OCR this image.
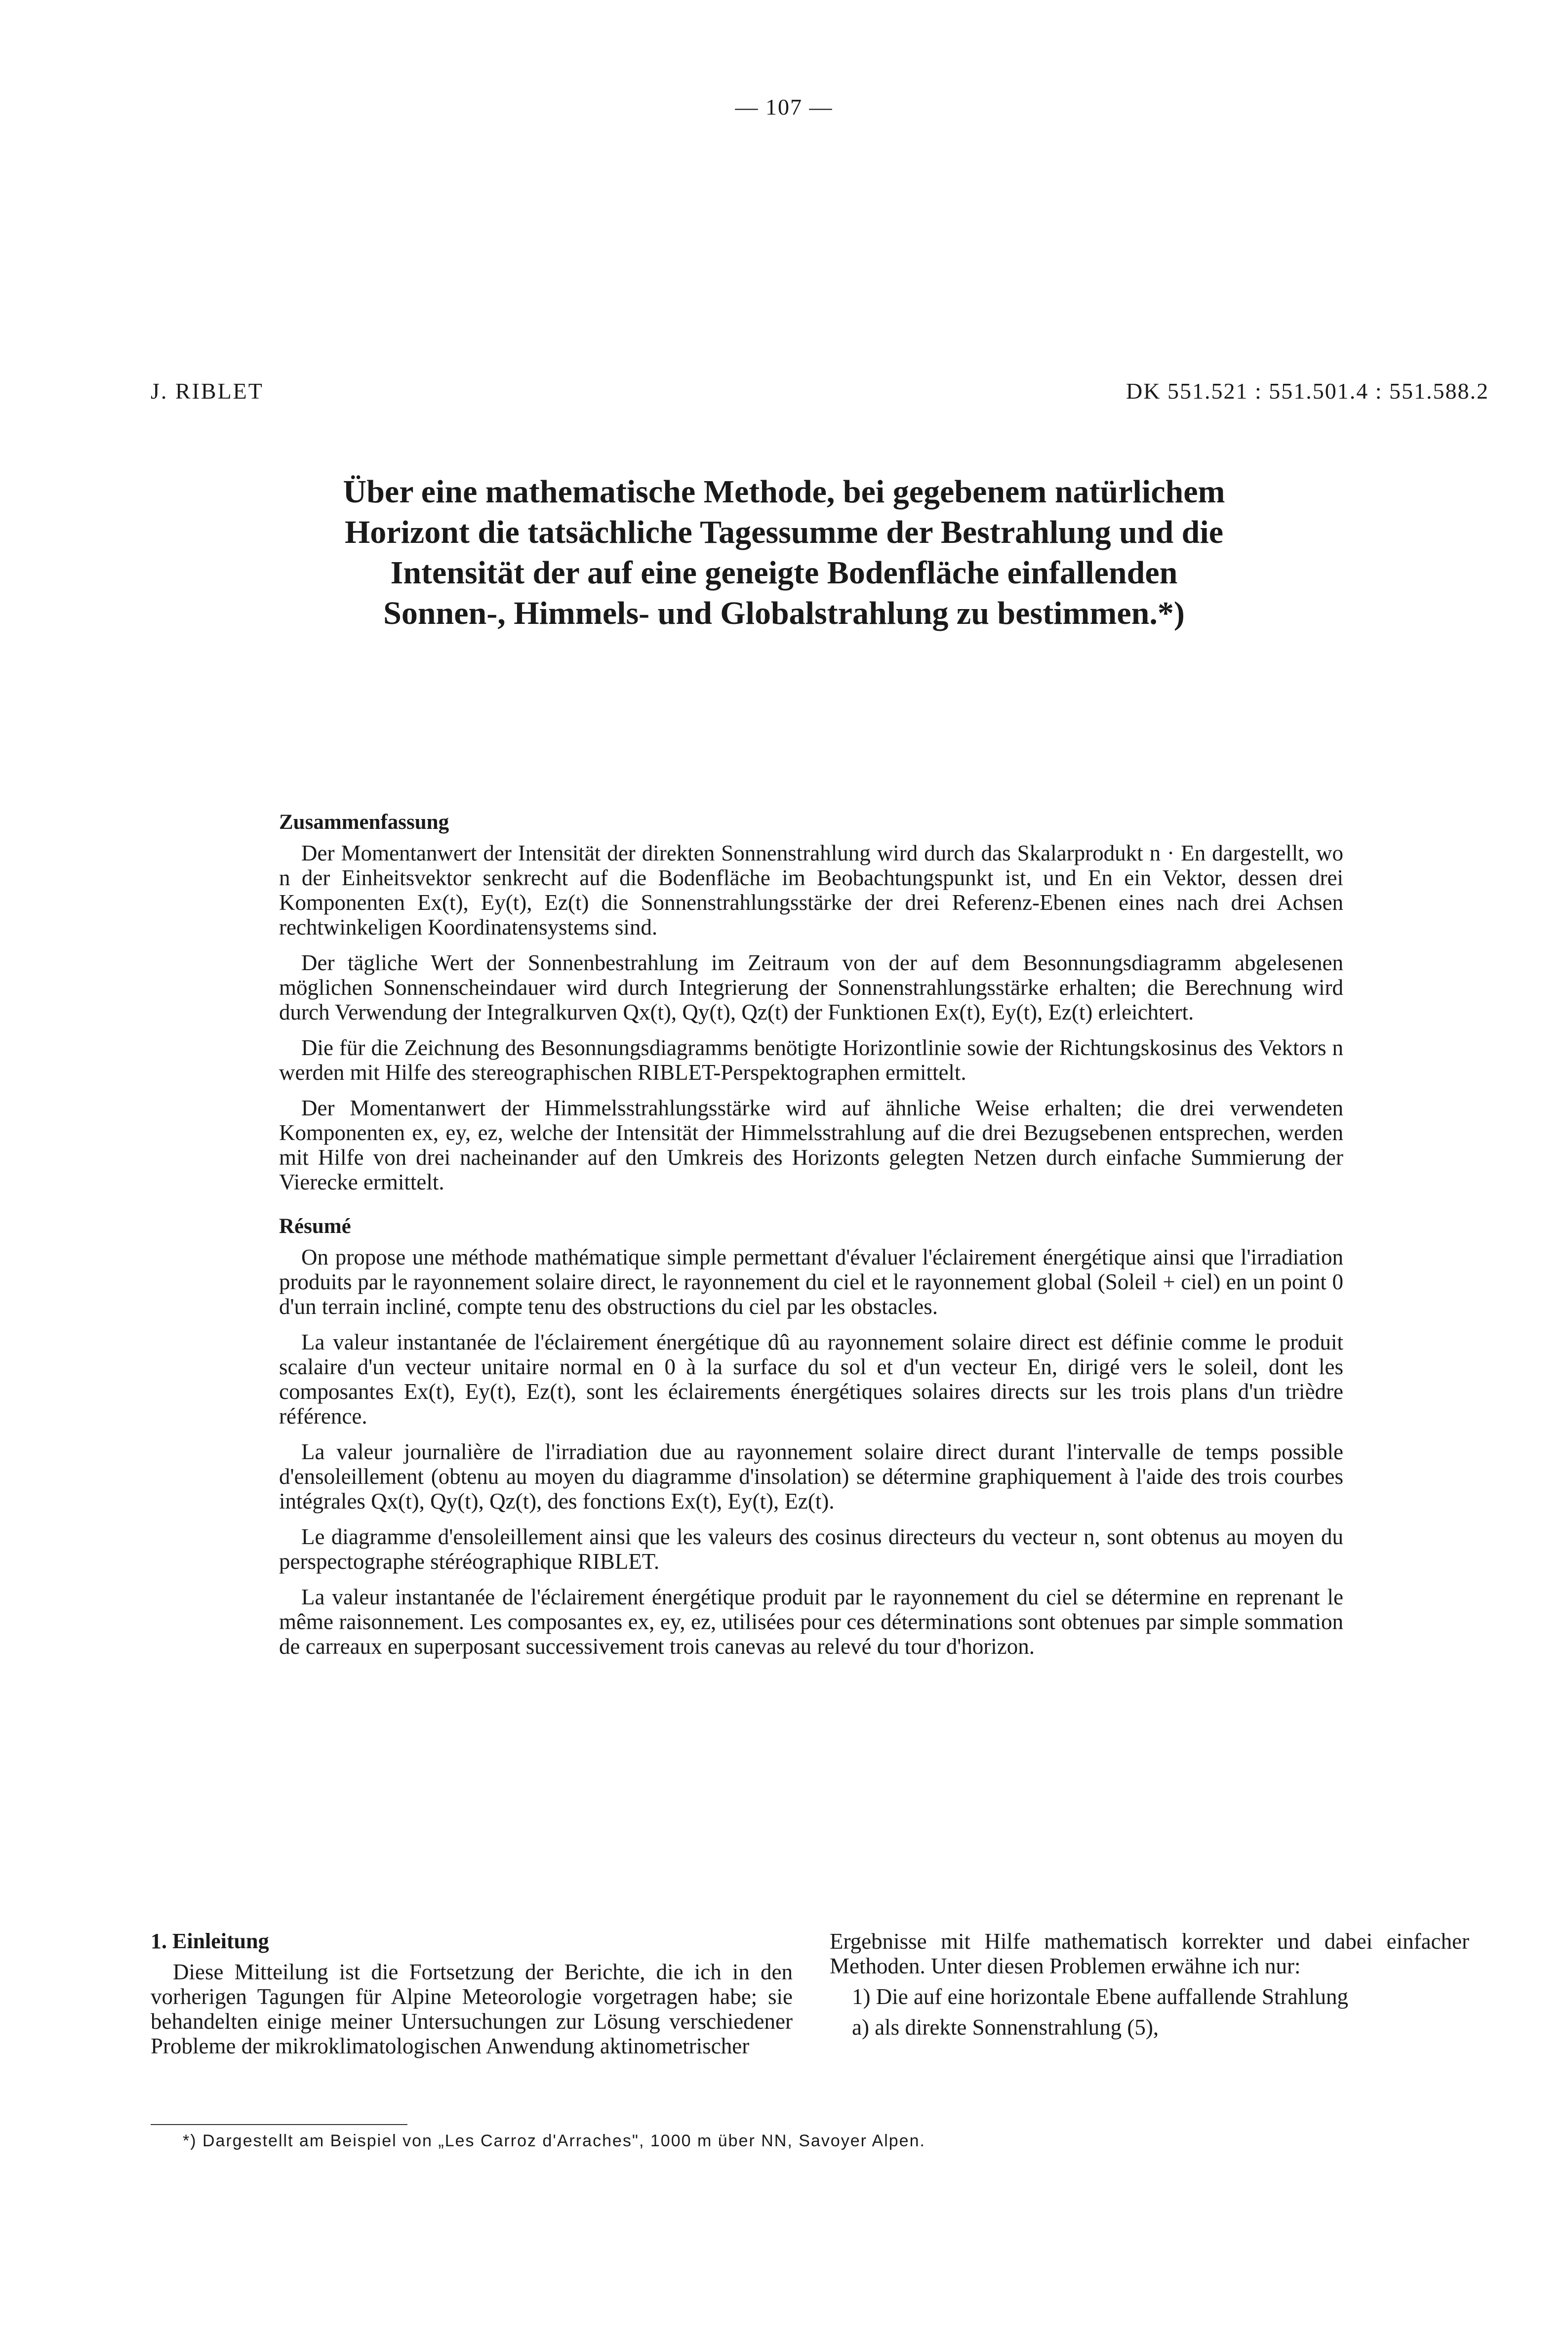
— 107 —
J. RIBLET	DK 551.521 : 551.501.4 : 551.588.2
Über eine mathematische Methode, bei gegebenem natürlichem
Horizont die tatsächliche Tagessumme der Bestrahlung und die
Intensität der auf eine geneigte Bodenfläche einfallenden
Sonnen-, Himmels- und Globalstrahlung zu bestimmen.*)
Zusammenfassung

Der Momentanwert der Intensität der direkten Sonnenstrahlung wird durch das Skalarprodukt n · En dargestellt, wo n der Einheitsvektor senkrecht auf die Bodenfläche im Beobachtungspunkt ist, und En ein Vektor, dessen drei Komponenten Ex(t), Ey(t), Ez(t) die Sonnenstrahlungsstärke der drei Referenz-Ebenen eines nach drei Achsen rechtwinkeligen Koordinatensystems sind.

Der tägliche Wert der Sonnenbestrahlung im Zeitraum von der auf dem Besonnungsdiagramm abgelesenen möglichen Sonnenscheindauer wird durch Integrierung der Sonnenstrahlungsstärke erhalten; die Berechnung wird durch Verwendung der Integralkurven Qx(t), Qy(t), Qz(t) der Funktionen Ex(t), Ey(t), Ez(t) erleichtert.

Die für die Zeichnung des Besonnungsdiagramms benötigte Horizontlinie sowie der Richtungskosinus des Vektors n werden mit Hilfe des stereographischen RIBLET-Perspektographen ermittelt.

Der Momentanwert der Himmelsstrahlungsstärke wird auf ähnliche Weise erhalten; die drei verwendeten Komponenten ex, ey, ez, welche der Intensität der Himmelsstrahlung auf die drei Bezugsebenen entsprechen, werden mit Hilfe von drei nacheinander auf den Umkreis des Horizonts gelegten Netzen durch einfache Summierung der Vierecke ermittelt.

Résumé

On propose une méthode mathématique simple permettant d'évaluer l'éclairement énergétique ainsi que l'irradiation produits par le rayonnement solaire direct, le rayonnement du ciel et le rayonnement global (Soleil + ciel) en un point 0 d'un terrain incliné, compte tenu des obstructions du ciel par les obstacles.

La valeur instantanée de l'éclairement énergétique dû au rayonnement solaire direct est définie comme le produit scalaire d'un vecteur unitaire normal en 0 à la surface du sol et d'un vecteur En, dirigé vers le soleil, dont les composantes Ex(t), Ey(t), Ez(t), sont les éclairements énergétiques solaires directs sur les trois plans d'un trièdre référence.

La valeur journalière de l'irradiation due au rayonnement solaire direct durant l'intervalle de temps possible d'ensoleillement (obtenu au moyen du diagramme d'insolation) se détermine graphiquement à l'aide des trois courbes intégrales Qx(t), Qy(t), Qz(t), des fonctions Ex(t), Ey(t), Ez(t).

Le diagramme d'ensoleillement ainsi que les valeurs des cosinus directeurs du vecteur n, sont obtenus au moyen du perspectographe stéréographique RIBLET.

La valeur instantanée de l'éclairement énergétique produit par le rayonnement du ciel se détermine en reprenant le même raisonnement. Les composantes ex, ey, ez, utilisées pour ces déterminations sont obtenues par simple sommation de carreaux en superposant successivement trois canevas au relevé du tour d'horizon.

1. Einleitung

Diese Mitteilung ist die Fortsetzung der Berichte, die ich in den vorherigen Tagungen für Alpine Meteorologie vorgetragen habe; sie behandelten einige meiner Untersuchungen zur Lösung verschiedener Probleme der mikroklimatologischen Anwendung aktinometrischer

Ergebnisse mit Hilfe mathematisch korrekter und dabei einfacher Methoden. Unter diesen Problemen erwähne ich nur:

1) Die auf eine horizontale Ebene auffallende Strahlung

a) als direkte Sonnenstrahlung (5),

*) Dargestellt am Beispiel von „Les Carroz d'Arraches", 1000 m über NN, Savoyer Alpen.
